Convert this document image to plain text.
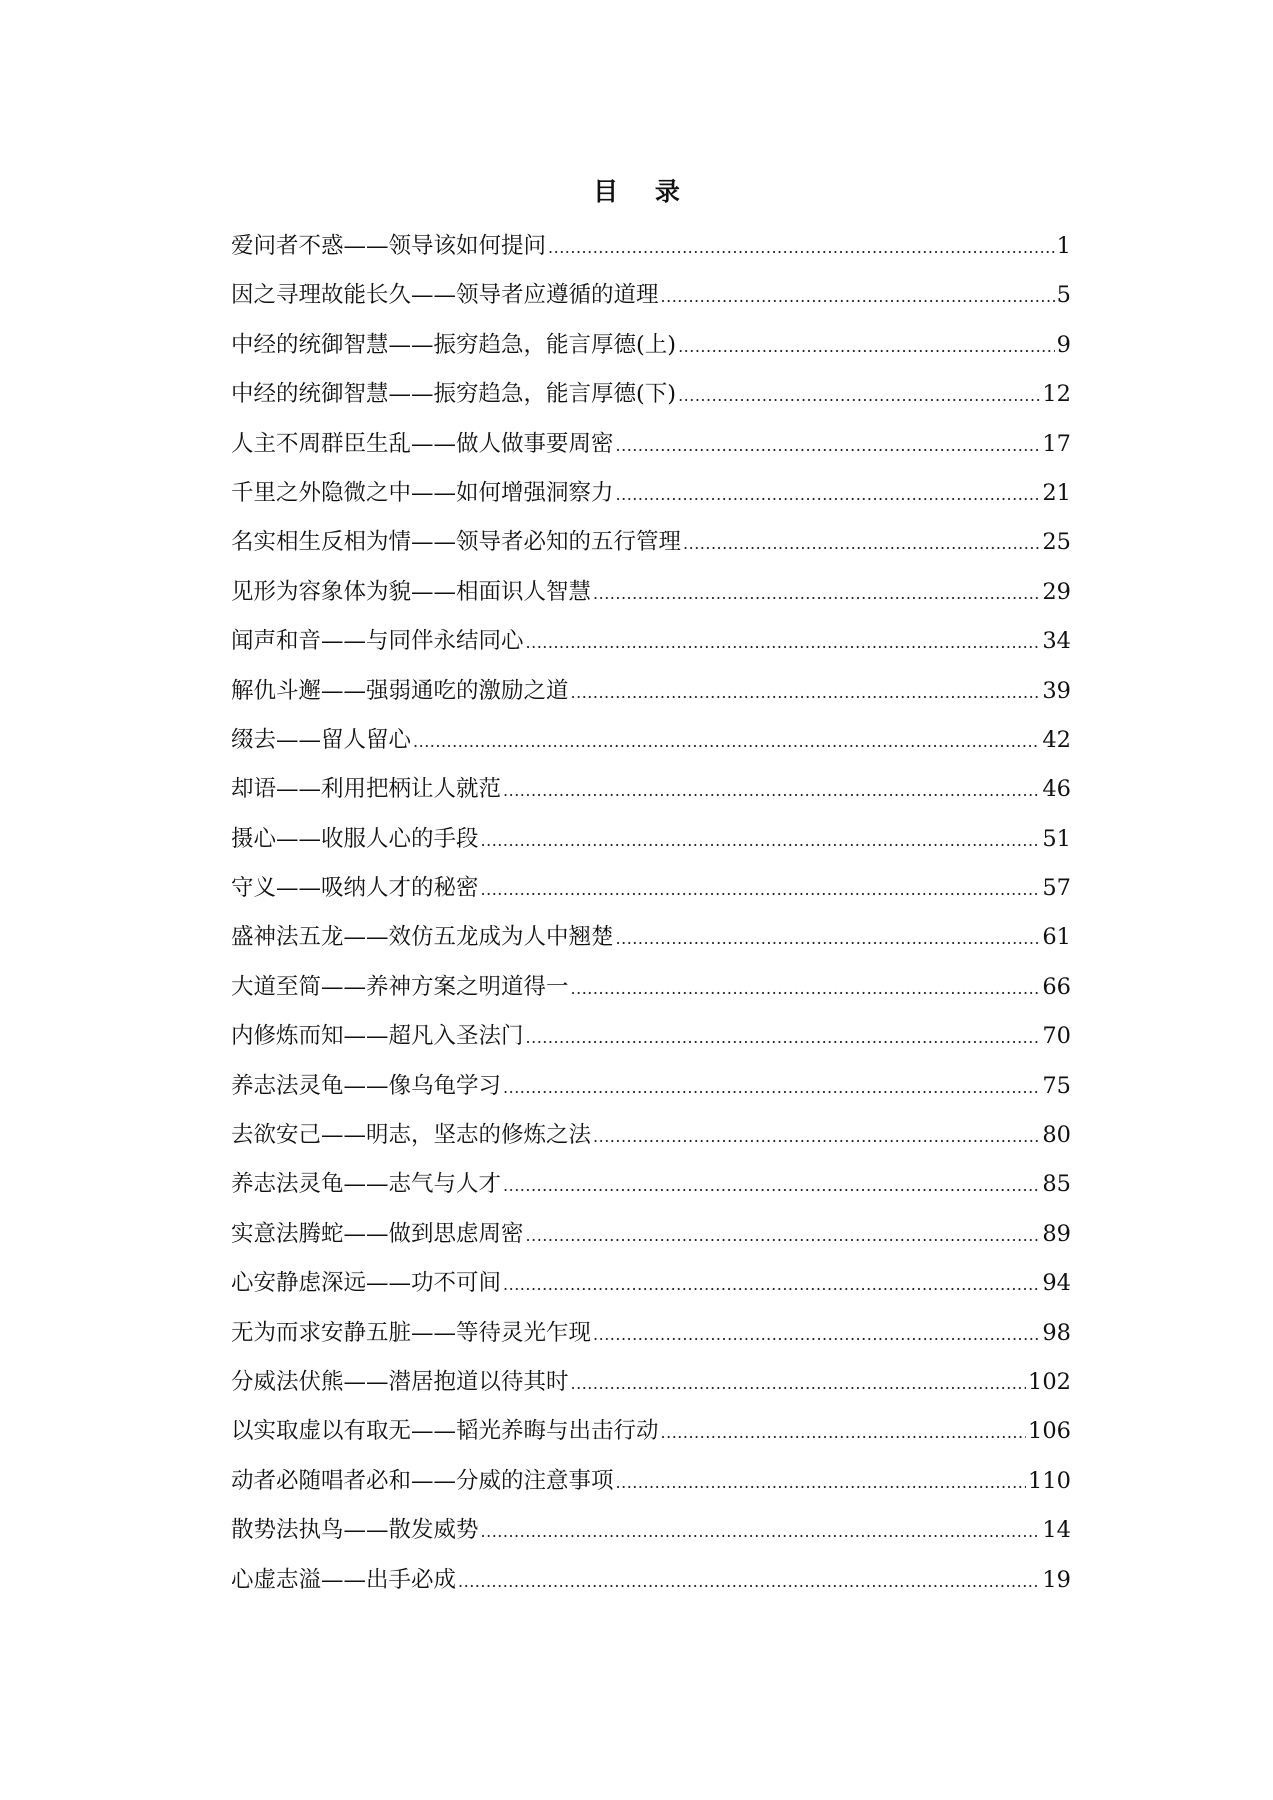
目 录
爱问者不惑——领导该如何提问 .....	1
因之寻理故能长久——领导者应遵循的道理 .....	5
中经的统御智慧——振穷趋急，能言厚德(上) .....	9
中经的统御智慧——振穷趋急，能言厚德(下) .....	12
人主不周群臣生乱——做人做事要周密 .....	17
千里之外隐微之中——如何增强洞察力 .....	21
名实相生反相为情——领导者必知的五行管理 .....	25
见形为容象体为貌——相面识人智慧 .....	29
闻声和音——与同伴永结同心 .....	34
解仇斗邂——强弱通吃的激励之道 .....	39
缀去——留人留心 .....	42
却语——利用把柄让人就范 .....	46
摄心——收服人心的手段 .....	51
守义——吸纳人才的秘密 .....	57
盛神法五龙——效仿五龙成为人中翘楚 .....	61
大道至简——养神方案之明道得一 .....	66
内修炼而知——超凡入圣法门 .....	70
养志法灵龟——像乌龟学习 .....	75
去欲安己——明志，坚志的修炼之法 .....	80
养志法灵龟——志气与人才 .....	85
实意法腾蛇——做到思虑周密 .....	89
心安静虑深远——功不可间 .....	94
无为而求安静五脏——等待灵光乍现 .....	98
分威法伏熊——潜居抱道以待其时 .....	102
以实取虚以有取无——韬光养晦与出击行动 .....	106
动者必随唱者必和——分威的注意事项 .....	110
散势法执鸟——散发威势 .....	14
心虚志溢——出手必成 .....	19
